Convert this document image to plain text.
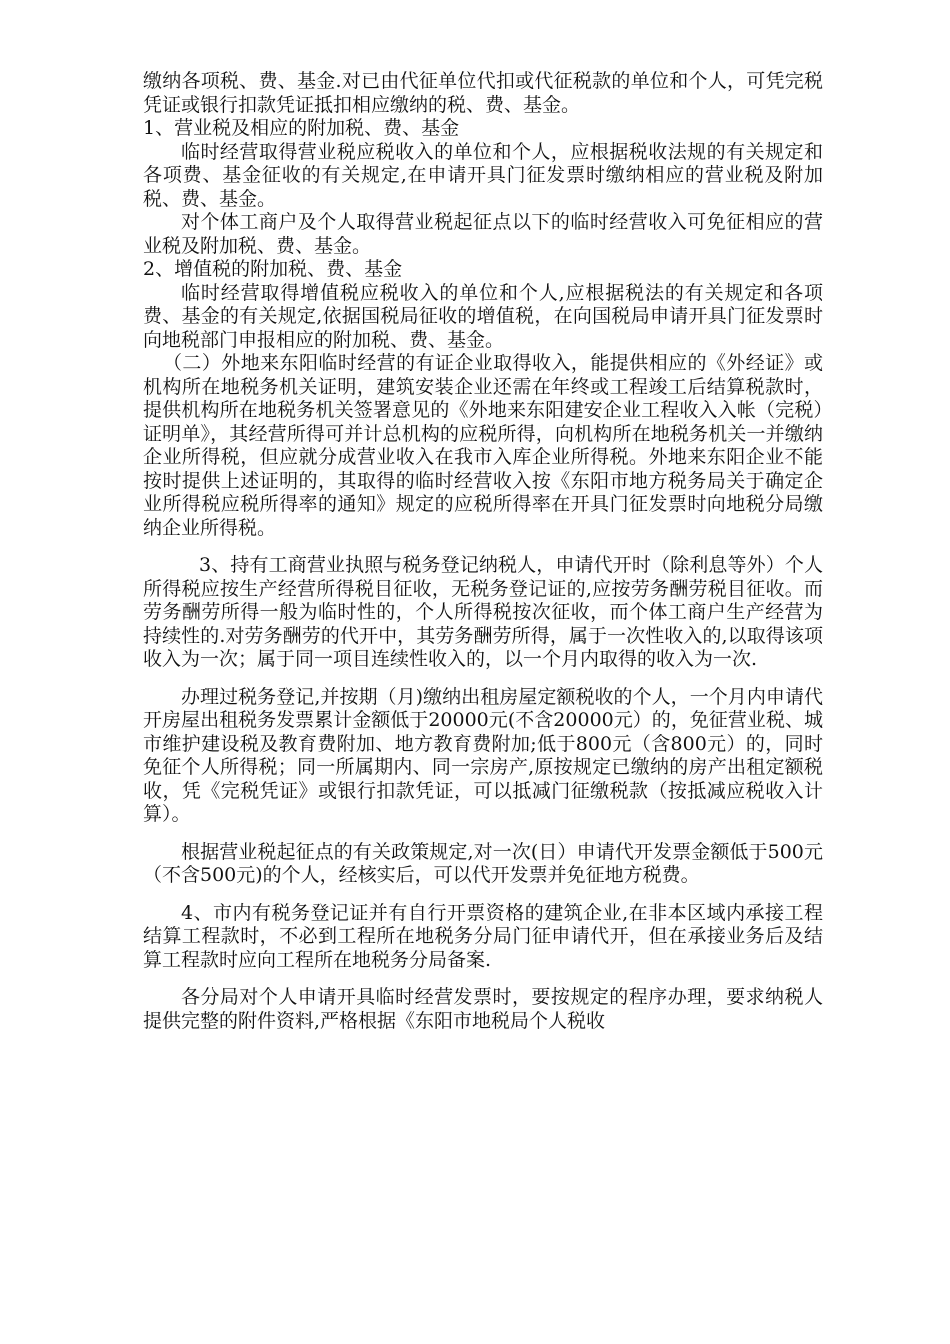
缴纳各项税、费、基金.对已由代征单位代扣或代征税款的单位和个人，可凭完税凭证或银行扣款凭证抵扣相应缴纳的税、费、基金。

1、营业税及相应的附加税、费、基金

临时经营取得营业税应税收入的单位和个人，应根据税收法规的有关规定和各项费、基金征收的有关规定,在申请开具门征发票时缴纳相应的营业税及附加税、费、基金。

对个体工商户及个人取得营业税起征点以下的临时经营收入可免征相应的营业税及附加税、费、基金。

2、增值税的附加税、费、基金

临时经营取得增值税应税收入的单位和个人,应根据税法的有关规定和各项费、基金的有关规定,依据国税局征收的增值税，在向国税局申请开具门征发票时向地税部门申报相应的附加税、费、基金。

（二）外地来东阳临时经营的有证企业取得收入，能提供相应的《外经证》或机构所在地税务机关证明，建筑安装企业还需在年终或工程竣工后结算税款时，提供机构所在地税务机关签署意见的《外地来东阳建安企业工程收入入帐（完税）证明单》，其经营所得可并计总机构的应税所得，向机构所在地税务机关一并缴纳企业所得税，但应就分成营业收入在我市入库企业所得税。外地来东阳企业不能按时提供上述证明的，其取得的临时经营收入按《东阳市地方税务局关于确定企业所得税应税所得率的通知》规定的应税所得率在开具门征发票时向地税分局缴纳企业所得税。

3、持有工商营业执照与税务登记纳税人，申请代开时（除利息等外）个人所得税应按生产经营所得税目征收，无税务登记证的,应按劳务酬劳税目征收。而劳务酬劳所得一般为临时性的，个人所得税按次征收，而个体工商户生产经营为持续性的.对劳务酬劳的代开中，其劳务酬劳所得，属于一次性收入的,以取得该项收入为一次；属于同一项目连续性收入的，以一个月内取得的收入为一次.

办理过税务登记,并按期（月)缴纳出租房屋定额税收的个人，一个月内申请代开房屋出租税务发票累计金额低于20000元(不含20000元）的，免征营业税、城市维护建设税及教育费附加、地方教育费附加;低于800元（含800元）的，同时免征个人所得税；同一所属期内、同一宗房产,原按规定已缴纳的房产出租定额税收，凭《完税凭证》或银行扣款凭证，可以抵减门征缴税款（按抵减应税收入计算）。

根据营业税起征点的有关政策规定,对一次(日）申请代开发票金额低于500元（不含500元)的个人，经核实后，可以代开发票并免征地方税费。

4、市内有税务登记证并有自行开票资格的建筑企业,在非本区域内承接工程结算工程款时，不必到工程所在地税务分局门征申请代开，但在承接业务后及结算工程款时应向工程所在地税务分局备案.

各分局对个人申请开具临时经营发票时，要按规定的程序办理，要求纳税人提供完整的附件资料,严格根据《东阳市地税局个人税收
